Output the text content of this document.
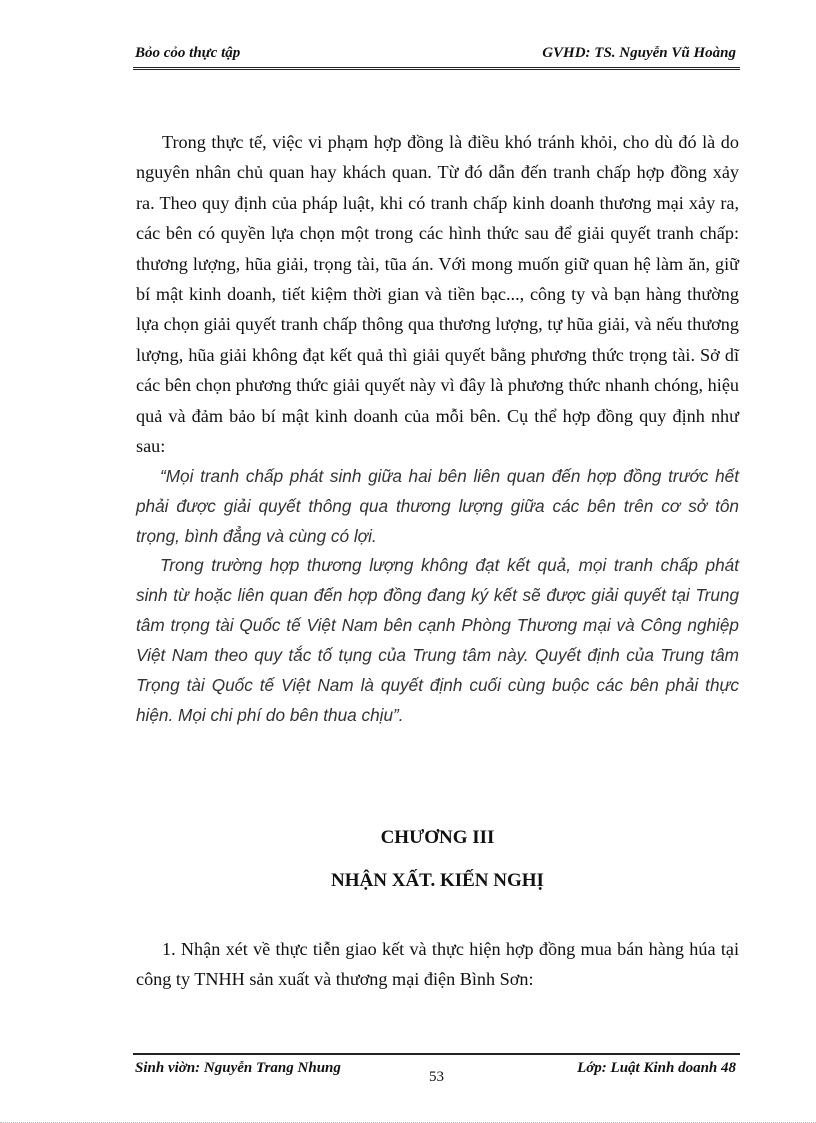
Bỏo cỏo thực tập	GVHD: TS. Nguyễn Vũ Hoàng

Trong thực tế, việc vi phạm hợp đồng là điều khó tránh khỏi, cho dù đó là do nguyên nhân chủ quan hay khách quan. Từ đó dẫn đến tranh chấp hợp đồng xảy ra. Theo quy định của pháp luật, khi có tranh chấp kinh doanh thương mại xảy ra, các bên có quyền lựa chọn một trong các hình thức sau để giải quyết tranh chấp: thương lượng, hũa giải, trọng tài, tũa án. Với mong muốn giữ quan hệ làm ăn, giữ bí mật kinh doanh, tiết kiệm thời gian và tiền bạc..., công ty và bạn hàng thường lựa chọn giải quyết tranh chấp thông qua thương lượng, tự hũa giải, và nếu thương lượng, hũa giải không đạt kết quả thì giải quyết bằng phương thức trọng tài. Sở dĩ các bên chọn phương thức giải quyết này vì đây là phương thức nhanh chóng, hiệu quả và đảm bảo bí mật kinh doanh của mỗi bên. Cụ thể hợp đồng quy định như sau:

“Mọi tranh chấp phát sinh giữa hai bên liên quan đến hợp đồng trước hết phải được giải quyết thông qua thương lượng giữa các bên trên cơ sở tôn trọng, bình đẳng và cùng có lợi.

Trong trường hợp thương lượng không đạt kết quả, mọi tranh chấp phát sinh từ hoặc liên quan đến hợp đồng đang ký kết sẽ được giải quyết tại Trung tâm trọng tài Quốc tế Việt Nam bên cạnh Phòng Thương mại và Công nghiệp Việt Nam theo quy tắc tố tụng của Trung tâm này. Quyết định của Trung tâm Trọng tài Quốc tế Việt Nam là quyết định cuối cùng buộc các bên phải thực hiện. Mọi chi phí do bên thua chịu”.

CHƯƠNG III
NHẬN XẤT. KIẾN NGHỊ

1. Nhận xét về thực tiễn giao kết và thực hiện hợp đồng mua bán hàng húa tại công ty TNHH sản xuất và thương mại điện Bình Sơn:

Sinh viờn: Nguyễn Trang Nhung
53
Lớp: Luật Kinh doanh 48
